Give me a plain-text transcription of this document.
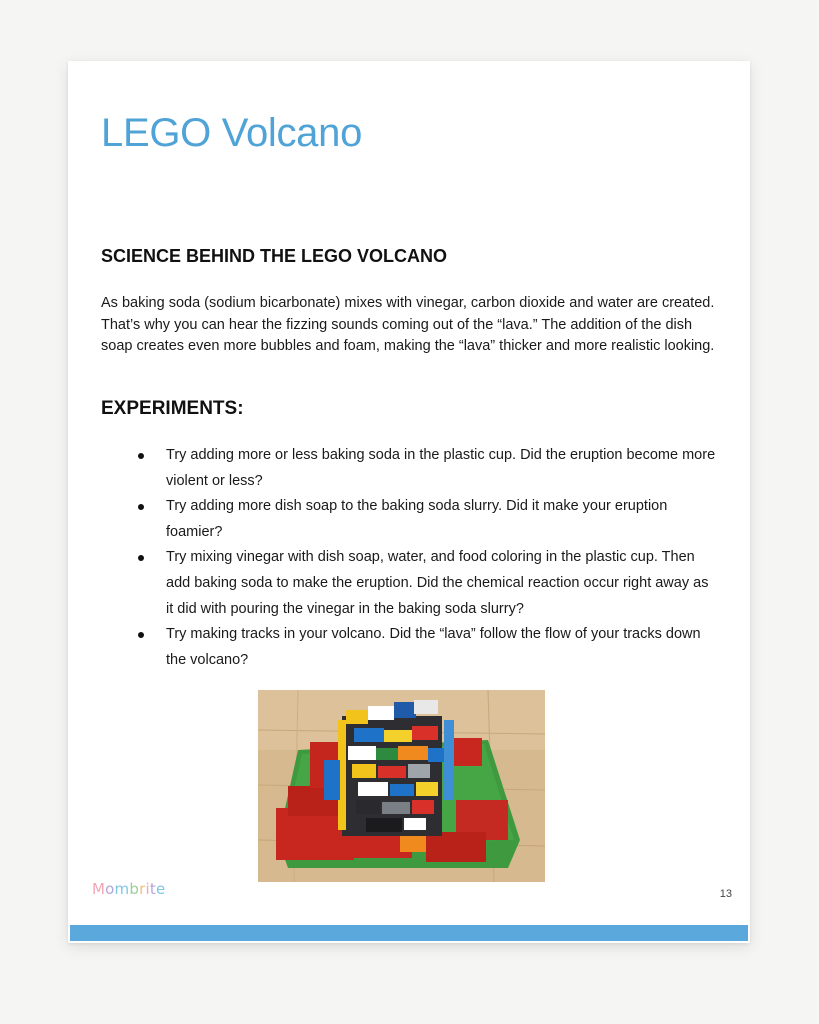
LEGO Volcano
SCIENCE BEHIND THE LEGO VOLCANO

As baking soda (sodium bicarbonate) mixes with vinegar, carbon dioxide and water are created. That’s why you can hear the fizzing sounds coming out of the “lava.” The addition of the dish soap creates even more bubbles and foam, making the “lava” thicker and more realistic looking.

EXPERIMENTS:
Try adding more or less baking soda in the plastic cup. Did the eruption become more violent or less?
Try adding more dish soap to the baking soda slurry. Did it make your eruption foamier?
Try mixing vinegar with dish soap, water, and food coloring in the plastic cup. Then add baking soda to make the eruption. Did the chemical reaction occur right away as it did with pouring the vinegar in the baking soda slurry?
Try making tracks in your volcano. Did the “lava” follow the flow of your tracks down the volcano?
Mombrite	13
